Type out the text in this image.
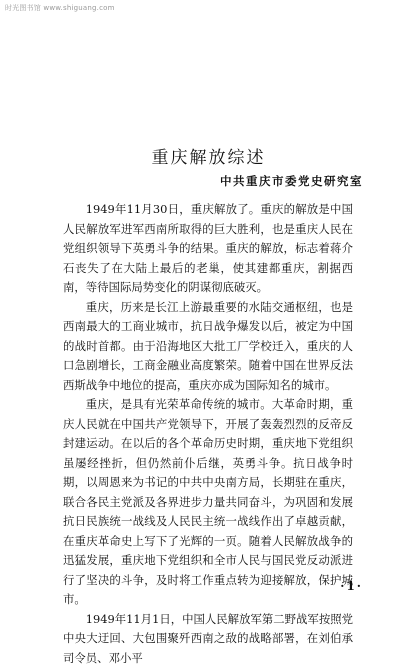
时光图书馆 www.shiguang.com
重庆解放综述
中共重庆市委党史研究室

1949年11月30日，重庆解放了。重庆的解放是中国人民解放军进军西南所取得的巨大胜利，也是重庆人民在党组织领导下英勇斗争的结果。重庆的解放，标志着蒋介石丧失了在大陆上最后的老巢，使其建都重庆，割据西南，等待国际局势变化的阴谋彻底破灭。

重庆，历来是长江上游最重要的水陆交通枢纽，也是西南最大的工商业城市，抗日战争爆发以后，被定为中国的战时首都。由于沿海地区大批工厂学校迁入，重庆的人口急剧增长，工商金融业高度繁荣。随着中国在世界反法西斯战争中地位的提高，重庆亦成为国际知名的城市。

重庆，是具有光荣革命传统的城市。大革命时期，重庆人民就在中国共产党领导下，开展了轰轰烈烈的反帝反封建运动。在以后的各个革命历史时期，重庆地下党组织虽屡经挫折，但仍然前仆后继，英勇斗争。抗日战争时期，以周恩来为书记的中共中央南方局，长期驻在重庆，联合各民主党派及各界进步力量共同奋斗，为巩固和发展抗日民族统一战线及人民民主统一战线作出了卓越贡献，在重庆革命史上写下了光辉的一页。随着人民解放战争的迅猛发展，重庆地下党组织和全市人民与国民党反动派进行了坚决的斗争，及时将工作重点转为迎接解放，保护城市。

1949年11月1日，中国人民解放军第二野战军按照党中央大迂回、大包围聚歼西南之敌的战略部署，在刘伯承司令员、邓小平

·1·
